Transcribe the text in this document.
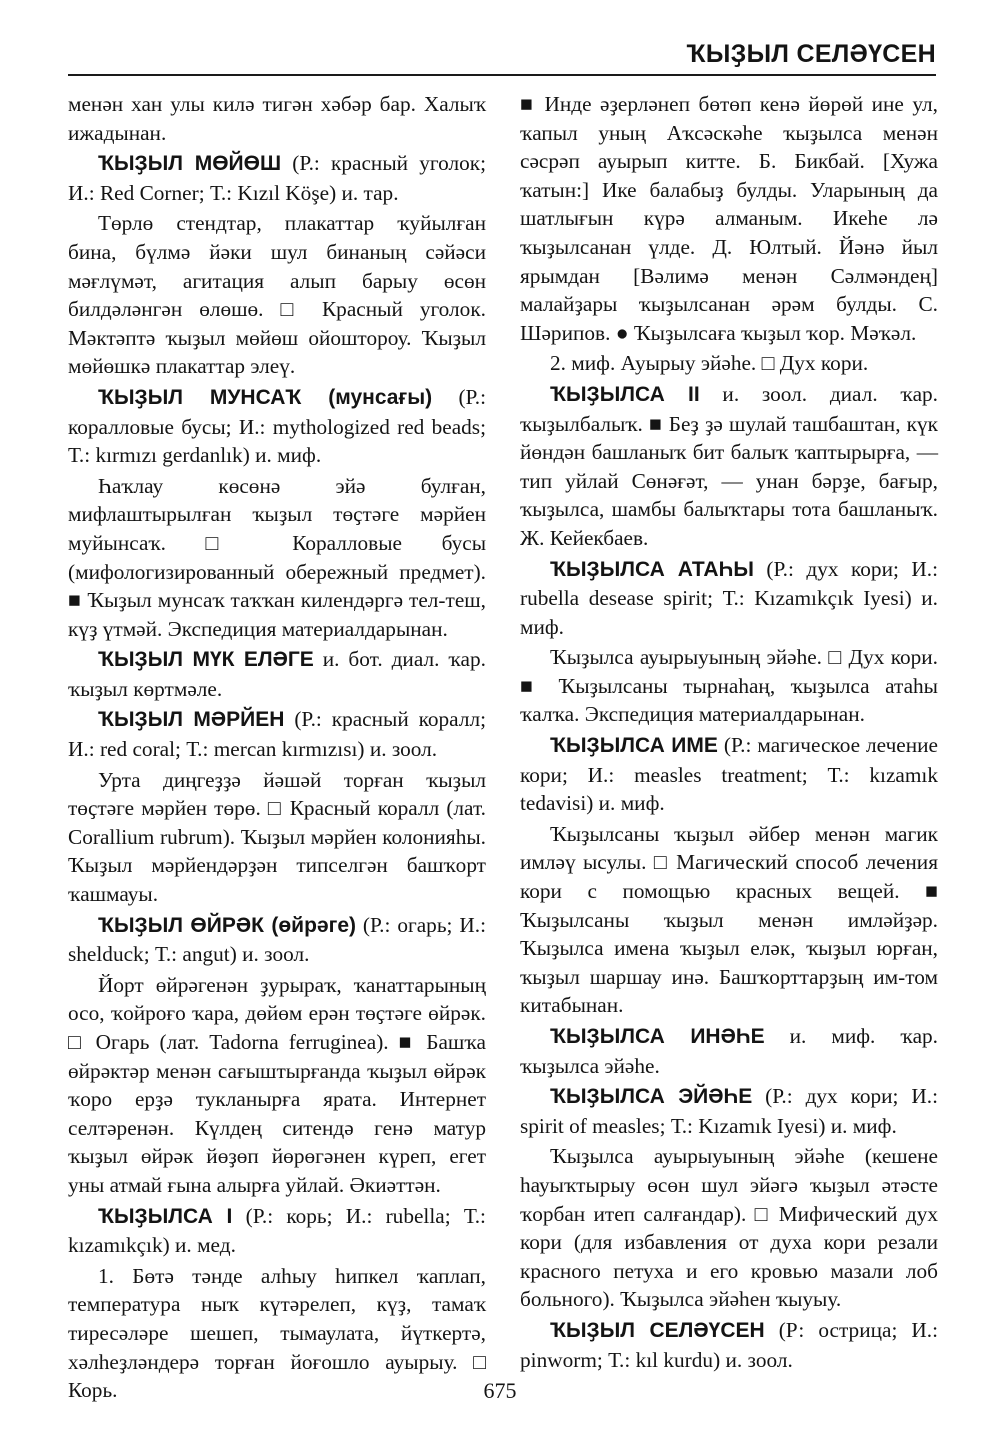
ҠЫҘЫЛ СЕЛӘҮСЕН

менән хан улы килә тигән хәбәр бар. Халыҡ ижадынан.

ҠЫҘЫЛ МӨЙӨШ (Р.: красный уголок; И.: Red Corner; Т.: Kızıl Köşe) и. тар.

Төрлө стендтар, плакаттар ҡуйылған бина, бүлмә йәки шул бинаның сәйәси мәғлүмәт, агитация алып барыу өсөн билдәләнгән өлөшө. □ Красный уголок. Мәктәптә ҡыҙыл мөйөш ойоштороу. Ҡыҙыл мөйөшкә плакаттар элеү.

ҠЫҘЫЛ МУНСАҠ (мунсағы) (Р.: коралловые бусы; И.: mythologized red beads; Т.: kırmızı gerdanlık) и. миф.

Һаҡлау көсөнә эйә булған, мифлаштырылған ҡыҙыл төҫтәге мәрйен муйынсаҡ. □ Коралловые бусы (мифологизированный обережный предмет). ■ Ҡыҙыл мунсаҡ таҡҡан килендәргә тел-теш, күҙ үтмәй. Экспедиция материалдарынан.

ҠЫҘЫЛ МҮК ЕЛӘГЕ и. бот. диал. ҡар. ҡыҙыл көртмәле.

ҠЫҘЫЛ МӘРЙЕН (Р.: красный коралл; И.: red coral; Т.: mercan kırmızısı) и. зоол.

Урта диңгеҙҙә йәшәй торған ҡыҙыл төҫтәге мәрйен төрө. □ Красный коралл (лат. Corallium rubrum). Ҡыҙыл мәрйен колонияһы. Ҡыҙыл мәрйендәрҙән типселгән башҡорт ҡашмауы.

ҠЫҘЫЛ ӨЙРӘК (өйрәге) (Р.: огарь; И.: shelduck; Т.: angut) и. зоол.

Йорт өйрәгенән ҙурыраҡ, ҡанаттарының осо, ҡойроғо ҡара, дөйөм ерән төҫтәге өйрәк. □ Огарь (лат. Tadorna ferruginea). ■ Башҡа өйрәктәр менән сағыштырғанда ҡыҙыл өйрәк ҡоро ерҙә тукланырға ярата. Интернет селтәренән. Күлдең ситендә генә матур ҡыҙыл өйрәк йөҙөп йөрөгәнен күреп, егет уны атмай ғына алырға уйлай. Әкиәттән.

ҠЫҘЫЛСА I (Р.: корь; И.: rubella; Т.: kızamıkçık) и. мед.

1. Бөтә тәнде алһыу һипкел ҡаплап, температура ныҡ күтәрелеп, күҙ, тамаҡ тиресәләре шешеп, тымаулата, йүткертә, хәлһеҙләндерә торған йоғошло ауырыу. □ Корь.

■ Инде әҙерләнеп бөтөп кенә йөрөй ине ул, ҡапыл уның Аҡсәскәһе ҡыҙылса менән сәсрәп ауырып китте. Б. Бикбай. [Хужа ҡатын:] Ике балабыҙ булды. Уларының да шатлығын күрә алманым. Икеһе лә ҡыҙылсанан үлде. Д. Юлтый. Йәнә йыл ярымдан [Вәлимә менән Сәлмәндең] малайҙары ҡыҙылсанан әрәм булды. С. Шәрипов. ● Ҡыҙылсаға ҡыҙыл ҡор. Мәҡәл.

2. миф. Ауырыу эйәһе. □ Дух кори.

ҠЫҘЫЛСА II и. зоол. диал. ҡар. ҡыҙылбалыҡ. ■ Беҙ ҙә шулай ташбаштан, күк йөндән башланыҡ бит балыҡ ҡаптырырға, — тип уйлай Сөнәғәт, — унан бәрҙе, бағыр, ҡыҙылса, шамбы балыҡтары тота башланыҡ. Ж. Кейекбаев.

ҠЫҘЫЛСА АТАҺЫ (Р.: дух кори; И.: rubella desease spirit; Т.: Kızamıkçık Iyesi) и. миф.

Ҡыҙылса ауырыуының эйәһе. □ Дух кори. ■ Ҡыҙылсаны тырнаһаң, ҡыҙылса атаһы ҡалҡа. Экспедиция материалдарынан.

ҠЫҘЫЛСА ИМЕ (Р.: магическое лечение кори; И.: measles treatment; Т.: kızamık tedavisi) и. миф.

Ҡыҙылсаны ҡыҙыл әйбер менән магик имләү ысулы. □ Магический способ лечения кори с помощью красных вещей. ■ Ҡыҙылсаны ҡыҙыл менән имләйҙәр. Ҡыҙылса имена ҡыҙыл еләк, ҡыҙыл юрған, ҡыҙыл шаршау инә. Башҡорттарҙың им-том китабынан.

ҠЫҘЫЛСА ИНӘҺЕ и. миф. ҡар. ҡыҙылса эйәһе.

ҠЫҘЫЛСА ЭЙӘҺЕ (Р.: дух кори; И.: spirit of measles; Т.: Kızamık Iyesi) и. миф.

Ҡыҙылса ауырыуының эйәһе (кешене һауыҡтырыу өсөн шул эйәгә ҡыҙыл әтәсте ҡорбан итеп салғандар). □ Мифический дух кори (для избавления от духа кори резали красного петуха и его кровью мазали лоб больного). Ҡыҙылса эйәһен ҡыуыу.

ҠЫҘЫЛ СЕЛӘҮСЕН (Р: острица; И.: pinworm; Т.: kıl kurdu) и. зоол.

675
